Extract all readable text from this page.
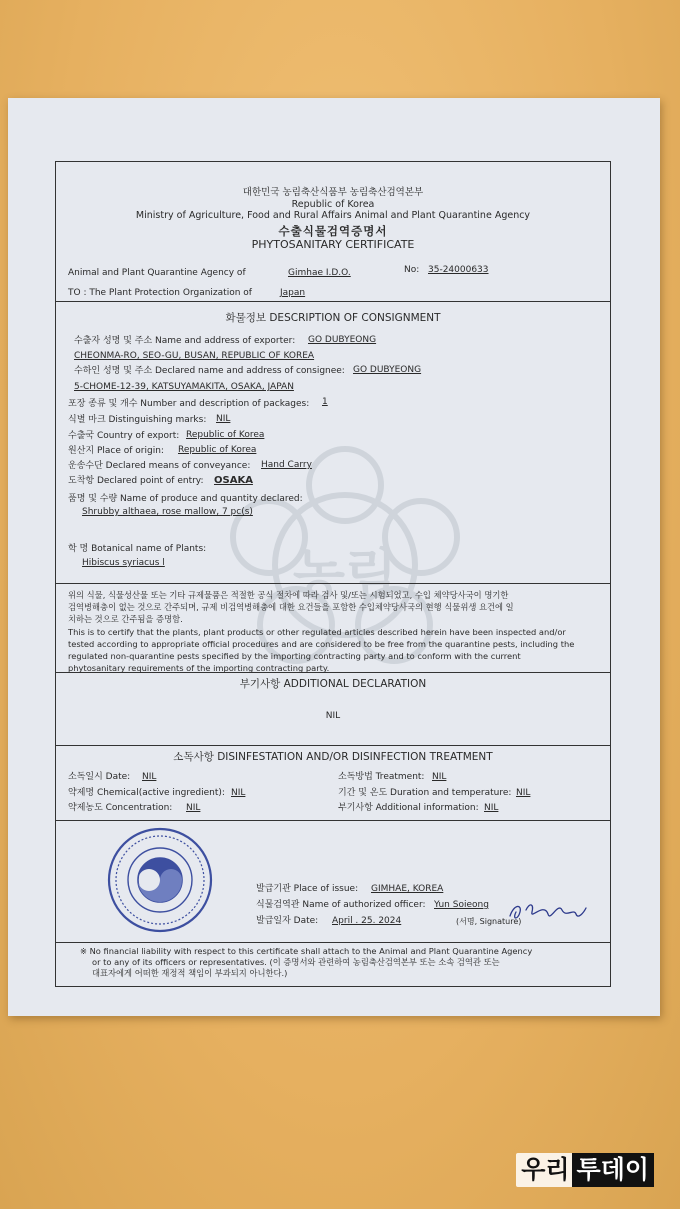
농림
대한민국 농림축산식품부 농림축산검역본부
Republic of Korea
Ministry of Agriculture, Food and Rural Affairs Animal and Plant Quarantine Agency
수출식물검역증명서
PHYTOSANITARY CERTIFICATE
Animal and Plant Quarantine Agency of	Gimhae I.D.O.	No: 35-24000633
TO : The Plant Protection Organization of	Japan
화물정보 DESCRIPTION OF CONSIGNMENT
수출자 성명 및 주소 Name and address of exporter: GO DUBYEONG
CHEONMA-RO, SEO-GU, BUSAN, REPUBLIC OF KOREA
수하인 성명 및 주소 Declared name and address of consignee: GO DUBYEONG
5-CHOME-12-39, KATSUYAMAKITA, OSAKA, JAPAN
포장 종류 및 개수 Number and description of packages: 1
식별 마크 Distinguishing marks: NIL
수출국 Country of export: Republic of Korea
원산지 Place of origin: Republic of Korea
운송수단 Declared means of conveyance: Hand Carry
도착항 Declared point of entry: OSAKA
품명 및 수량 Name of produce and quantity declared:
Shrubby althaea, rose mallow, 7 pc(s)
학 명 Botanical name of Plants:
Hibiscus syriacus l
위의 식물, 식물성산물 또는 기타 규제물품은 적절한 공식 절차에 따라 검사 및/또는 시험되었고, 수입 체약당사국이 명기한
검역병해충이 없는 것으로 간주되며, 규제 비검역병해충에 대한 요건들을 포함한 수입체약당사국의 현행 식물위생 요건에 일
치하는 것으로 간주됨을 증명함.
This is to certify that the plants, plant products or other regulated articles described herein have been inspected and/or
tested according to appropriate official procedures and are considered to be free from the quarantine pests, including the
regulated non-quarantine pests specified by the importing contracting party and to conform with the current
phytosanitary requirements of the importing contracting party.
부기사항 ADDITIONAL DECLARATION
NIL
소독사항 DISINFESTATION AND/OR DISINFECTION TREATMENT
소독일시 Date: NIL	소독방법 Treatment: NIL
약제명 Chemical(active ingredient): NIL	기간 및 온도 Duration and temperature: NIL
약제농도 Concentration: NIL	부기사항 Additional information: NIL
발급기관 Place of issue: GIMHAE, KOREA
식물검역관 Name of authorized officer: Yun Soieong
발급일자 Date: April . 25. 2024	(서명, Signature)
※ No financial liability with respect to this certificate shall attach to the Animal and Plant Quarantine Agency
or to any of its officers or representatives. (이 증명서와 관련하여 농림축산검역본부 또는 소속 검역관 또는
대표자에게 어떠한 재정적 책임이 부과되지 아니한다.)
우리 투데이
